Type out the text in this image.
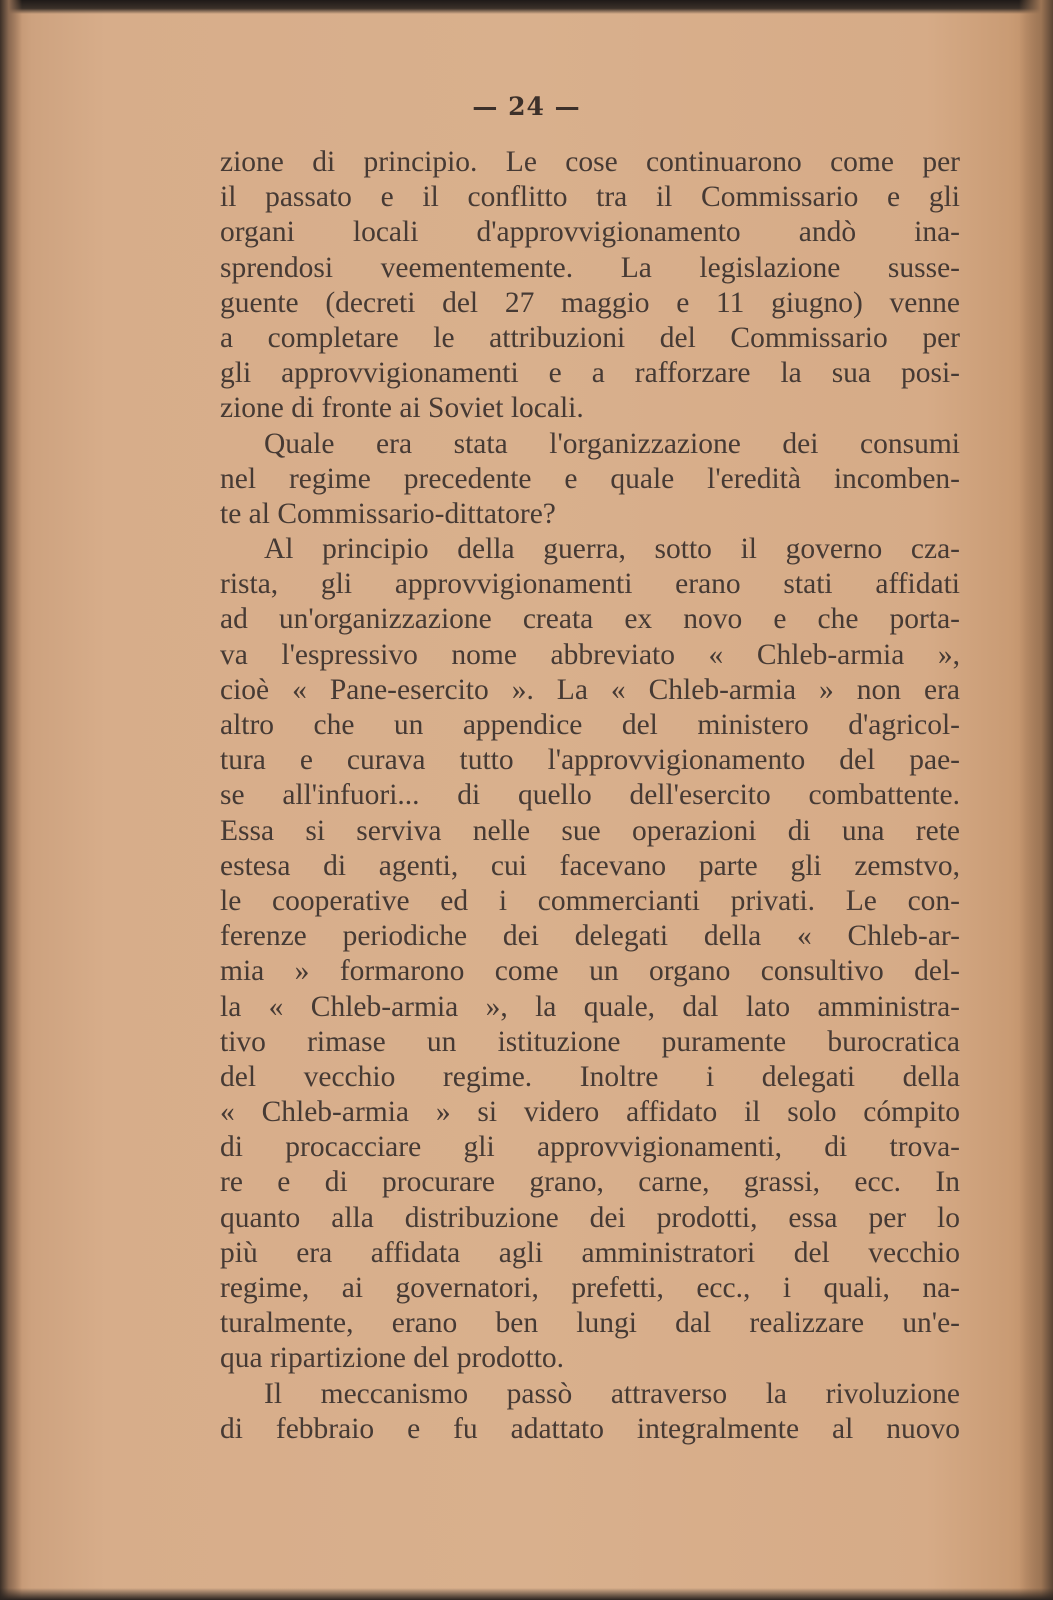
— 24 —
zione di principio. Le cose continuarono come per
il passato e il conflitto tra il Commissario e gli
organi locali d'approvvigionamento andò ina-
sprendosi veementemente. La legislazione susse-
guente (decreti del 27 maggio e 11 giugno) venne
a completare le attribuzioni del Commissario per
gli approvvigionamenti e a rafforzare la sua posi-
zione di fronte ai Soviet locali.
Quale era stata l'organizzazione dei consumi
nel regime precedente e quale l'eredità incomben-
te al Commissario-dittatore?
Al principio della guerra, sotto il governo cza-
rista, gli approvvigionamenti erano stati affidati
ad un'organizzazione creata ex novo e che porta-
va l'espressivo nome abbreviato « Chleb-armia »,
cioè « Pane-esercito ». La « Chleb-armia » non era
altro che un appendice del ministero d'agricol-
tura e curava tutto l'approvvigionamento del pae-
se all'infuori... di quello dell'esercito combattente.
Essa si serviva nelle sue operazioni di una rete
estesa di agenti, cui facevano parte gli zemstvo,
le cooperative ed i commercianti privati. Le con-
ferenze periodiche dei delegati della « Chleb-ar-
mia » formarono come un organo consultivo del-
la « Chleb-armia », la quale, dal lato amministra-
tivo rimase un istituzione puramente burocratica
del vecchio regime. Inoltre i delegati della
« Chleb-armia » si videro affidato il solo cómpito
di procacciare gli approvvigionamenti, di trova-
re e di procurare grano, carne, grassi, ecc. In
quanto alla distribuzione dei prodotti, essa per lo
più era affidata agli amministratori del vecchio
regime, ai governatori, prefetti, ecc., i quali, na-
turalmente, erano ben lungi dal realizzare un'e-
qua ripartizione del prodotto.
Il meccanismo passò attraverso la rivoluzione
di febbraio e fu adattato integralmente al nuovo
